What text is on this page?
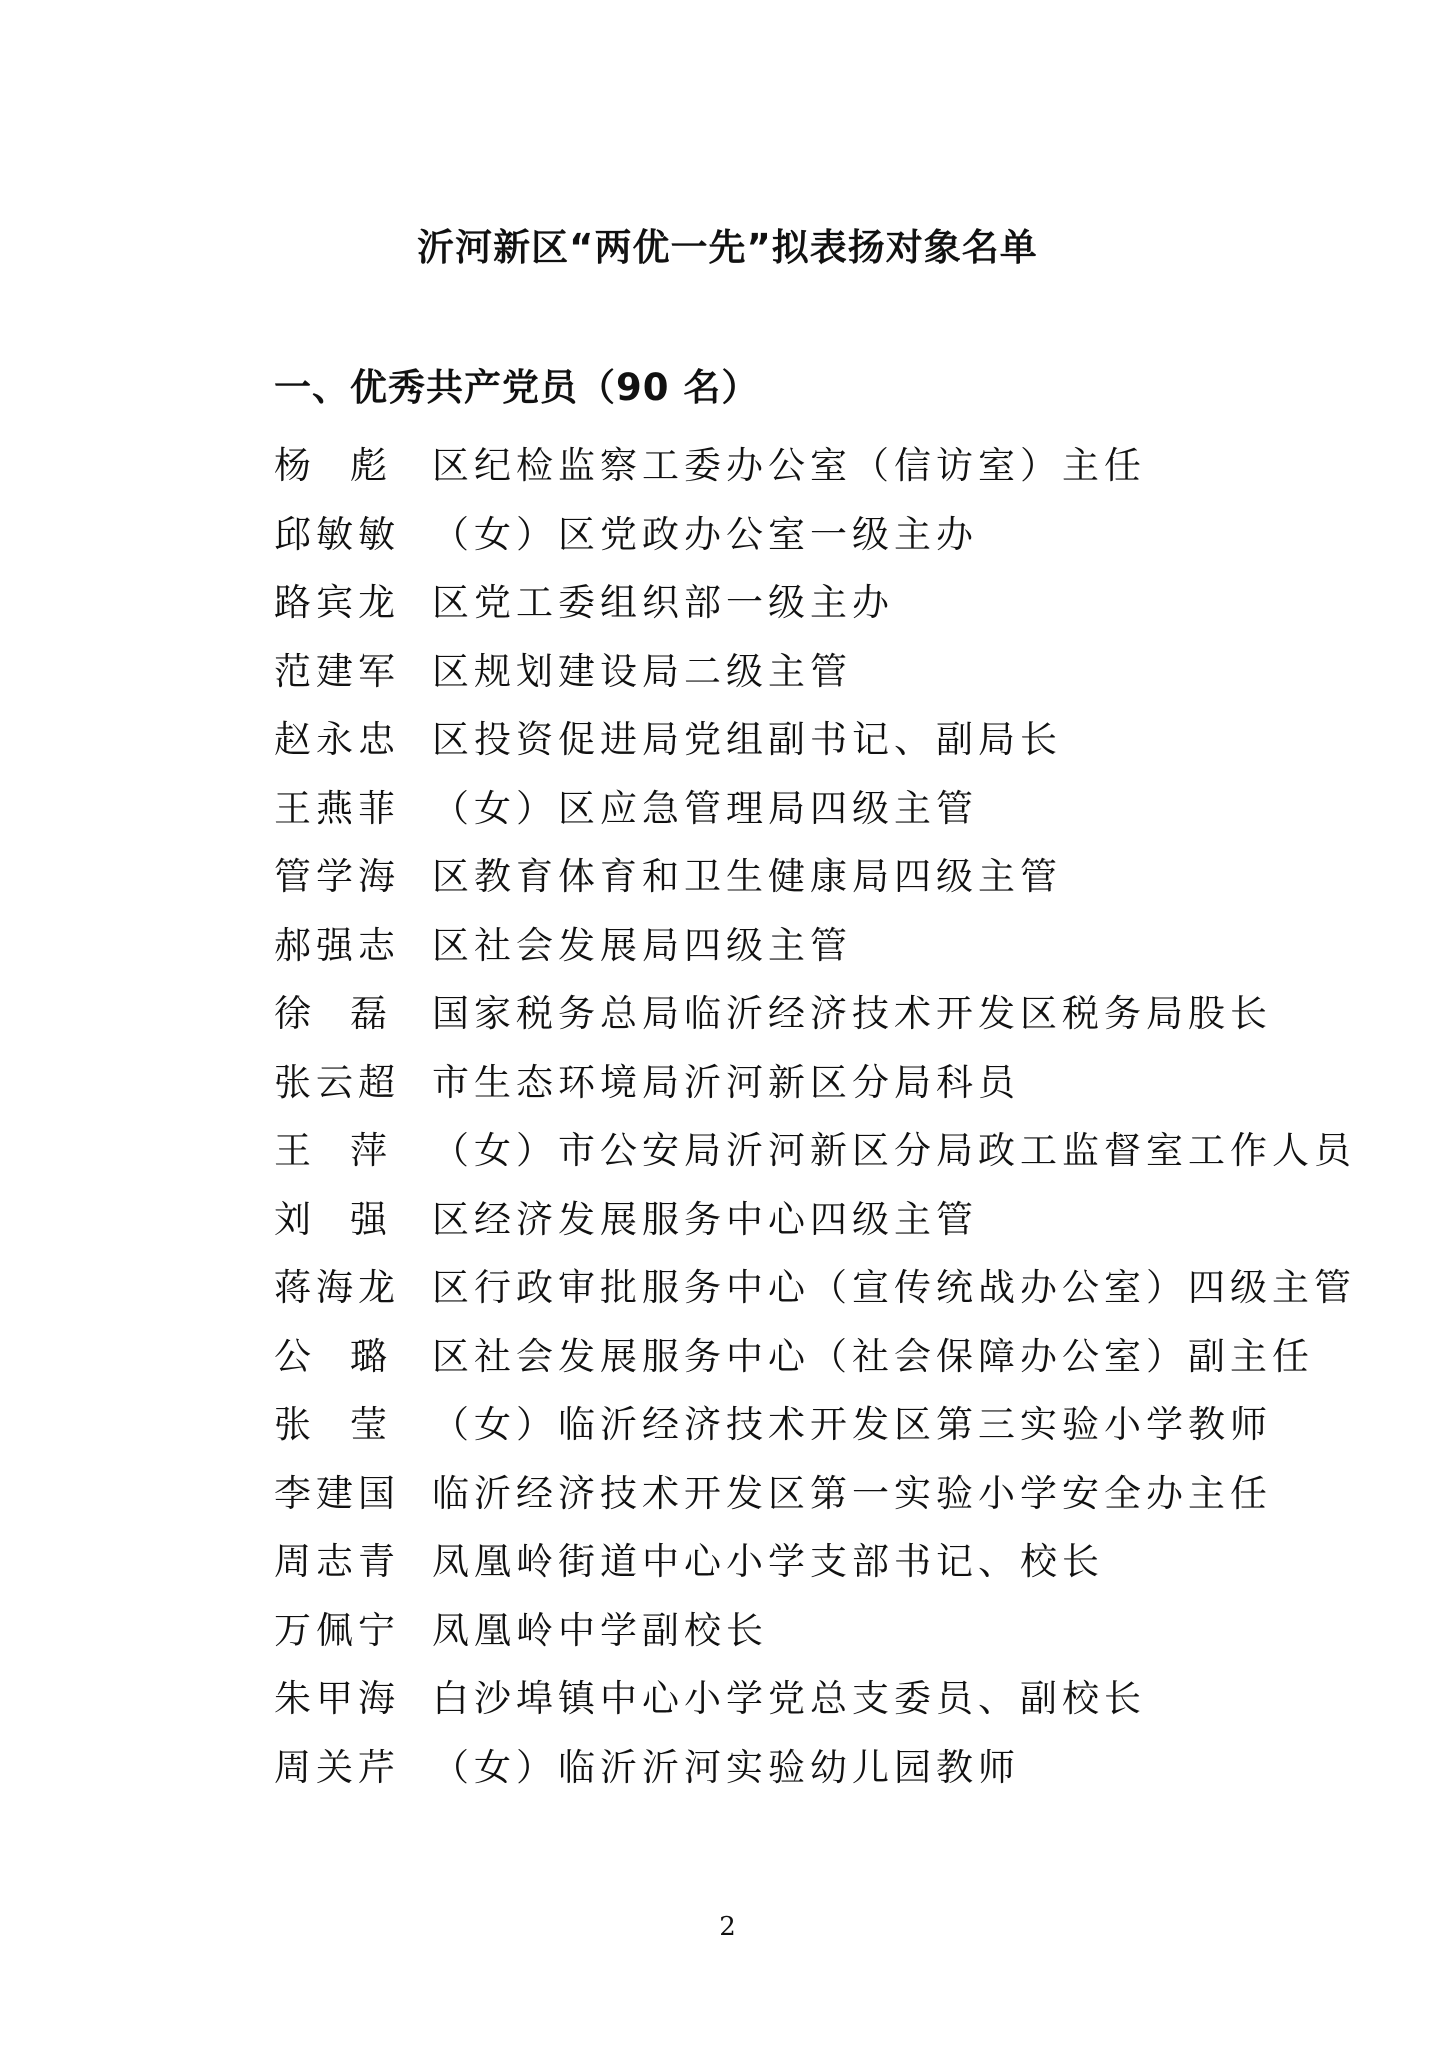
沂河新区“两优一先”拟表扬对象名单
一、优秀共产党员（90 名）
杨 彪 区纪检监察工委办公室（信访室）主任
邱敏敏 （女）区党政办公室一级主办
路宾龙 区党工委组织部一级主办
范建军 区规划建设局二级主管
赵永忠 区投资促进局党组副书记、副局长
王燕菲 （女）区应急管理局四级主管
管学海 区教育体育和卫生健康局四级主管
郝强志 区社会发展局四级主管
徐 磊 国家税务总局临沂经济技术开发区税务局股长
张云超 市生态环境局沂河新区分局科员
王 萍 （女）市公安局沂河新区分局政工监督室工作人员
刘 强 区经济发展服务中心四级主管
蒋海龙 区行政审批服务中心（宣传统战办公室）四级主管
公 璐 区社会发展服务中心（社会保障办公室）副主任
张 莹 （女）临沂经济技术开发区第三实验小学教师
李建国 临沂经济技术开发区第一实验小学安全办主任
周志青 凤凰岭街道中心小学支部书记、校长
万佩宁 凤凰岭中学副校长
朱甲海 白沙埠镇中心小学党总支委员、副校长
周关芹 （女）临沂沂河实验幼儿园教师
2
